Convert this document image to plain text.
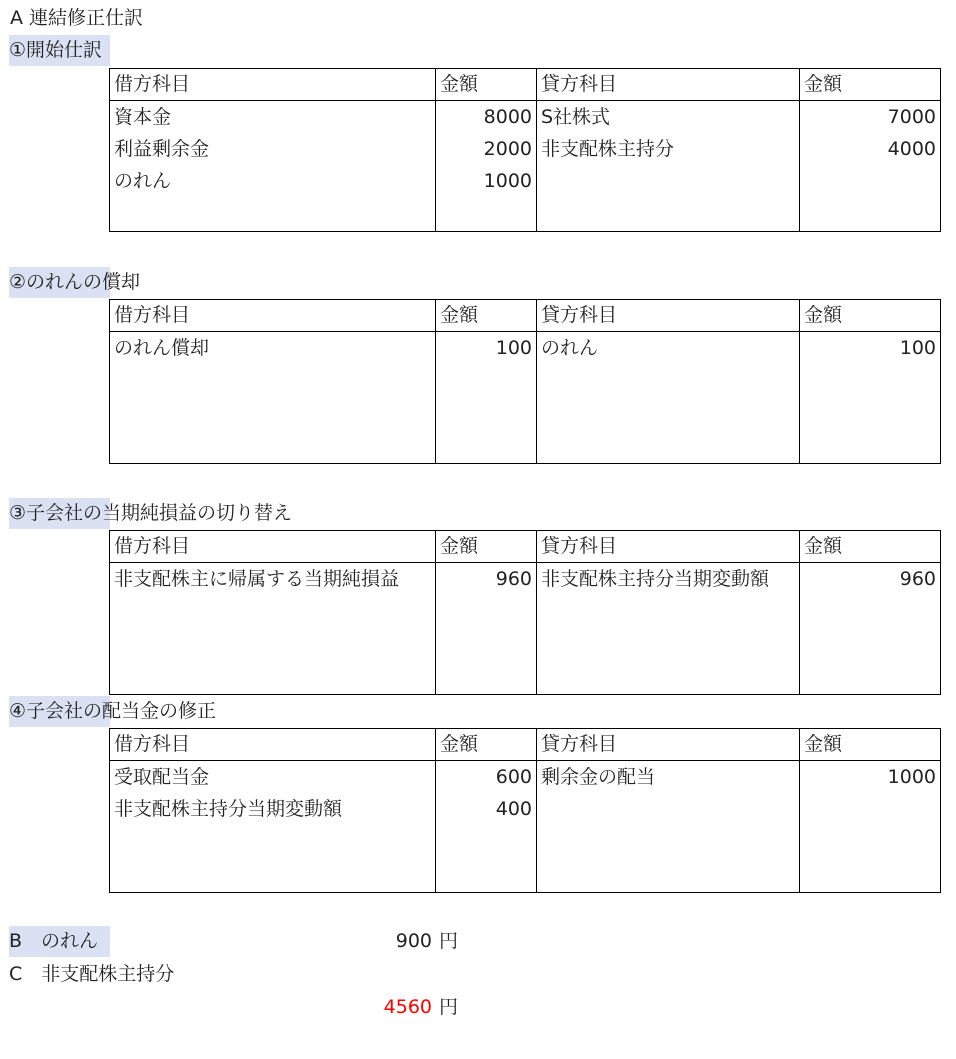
A 連結修正仕訳
①開始仕訳
借方科目	金額	貸方科目	金額
資本金	8000	S社株式	7000
利益剰余金	2000	非支配株主持分	4000
のれん	1000		

②のれんの償却
借方科目	金額	貸方科目	金額
のれん償却	100	のれん	100

③子会社の当期純損益の切り替え
借方科目	金額	貸方科目	金額
非支配株主に帰属する当期純損益	960	非支配株主持分当期変動額	960

④子会社の配当金の修正
借方科目	金額	貸方科目	金額
受取配当金	600	剰余金の配当	1000
非支配株主持分当期変動額	400		

B　のれん	900 円
C　非支配株主持分
4560 円
